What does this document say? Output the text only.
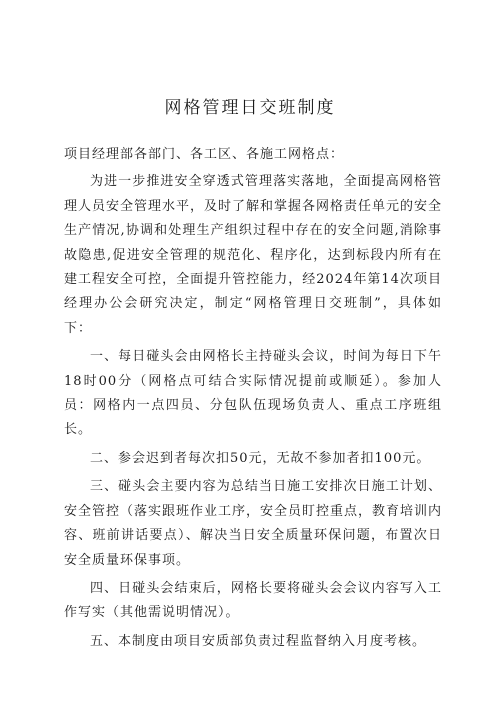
网格管理日交班制度

项目经理部各部门、各工区、各施工网格点：

为进一步推进安全穿透式管理落实落地，全面提高网格管理人员安全管理水平，及时了解和掌握各网格责任单元的安全生产情况,协调和处理生产组织过程中存在的安全问题,消除事故隐患,促进安全管理的规范化、程序化，达到标段内所有在建工程安全可控，全面提升管控能力，经2024年第14次项目经理办公会研究决定，制定“网格管理日交班制”，具体如下：

一、每日碰头会由网格长主持碰头会议，时间为每日下午18时00分（网格点可结合实际情况提前或顺延）。参加人员：网格内一点四员、分包队伍现场负责人、重点工序班组长。

二、参会迟到者每次扣50元，无故不参加者扣100元。

三、碰头会主要内容为总结当日施工安排次日施工计划、安全管控（落实跟班作业工序，安全员盯控重点，教育培训内容、班前讲话要点）、解决当日安全质量环保问题，布置次日安全质量环保事项。

四、日碰头会结束后，网格长要将碰头会会议内容写入工作写实（其他需说明情况）。

五、本制度由项目安质部负责过程监督纳入月度考核。
